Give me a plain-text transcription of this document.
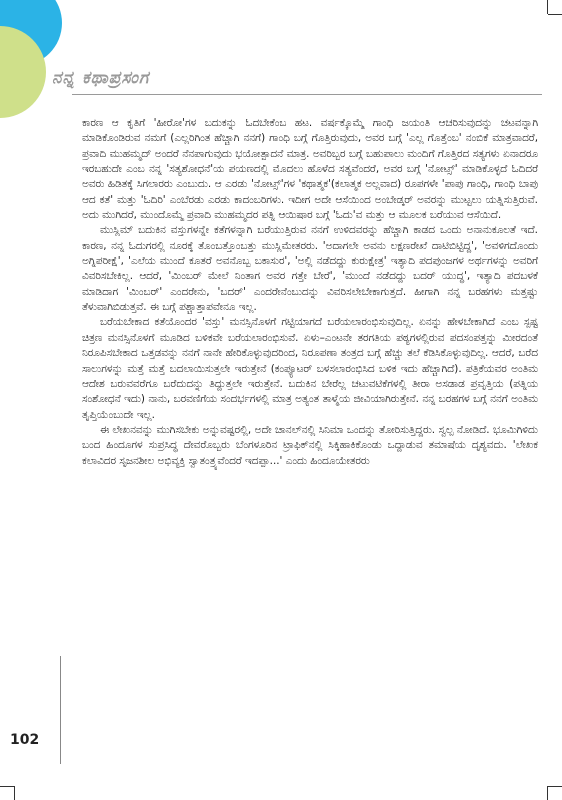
ನನ್ನ ಕಥಾಪ್ರಸಂಗ

ಕಾರಣ ಆ ಕೃತಿಗೆ 'ಹೀರೋ'ಗಳ ಬದುಕನ್ನು ಓದಬೇಕೆಂಬ ಹಟ. ವರ್ಷಕ್ಕೊಮ್ಮೆ ಗಾಂಧಿ ಜಯಂತಿ ಆಚರಿಸುವುದನ್ನು ಚಟವನ್ನಾಗಿ ಮಾಡಿಕೊಂಡಿರುವ ನಮಗೆ (ಎಲ್ಲರಿಗಿಂತ ಹೆಚ್ಚಾಗಿ ನನಗೆ) ಗಾಂಧಿ ಬಗ್ಗೆ ಗೊತ್ತಿರುವುದು, ಅವರ ಬಗ್ಗೆ 'ಎಲ್ಲ ಗೊತ್ತೆಂಬ' ನಂಬಿಕೆ ಮಾತ್ರವಾದರೆ, ಪ್ರವಾದಿ ಮುಹಮ್ಮದ್ ಅಂದರೆ ನೆನಪಾಗುವುದು ಭಯೋತ್ಪಾದನೆ ಮಾತ್ರ. ಅವರಿಬ್ಬರ ಬಗ್ಗೆ ಬಹುಪಾಲು ಮಂದಿಗೆ ಗೊತ್ತಿರದ ಸತ್ಯಗಳು ಏನಾದರೂ ಇರಬಹುದೇ ಎಂಬ ನನ್ನ 'ಸತ್ಯಶೋಧನೆ'ಯ ಪಯಣದಲ್ಲಿ ಮೊದಲು ಹೊಳೆದ ಸತ್ಯವೆಂದರೆ, ಅವರ ಬಗ್ಗೆ 'ನೋಟ್ಸ್' ಮಾಡಿಕೊಳ್ಳದೆ ಓದಿದರೆ ಅವರು ಹಿಡಿತಕ್ಕೆ ಸಿಗಲಾರರು ಎಂಬುದು. ಆ ಎರಡು 'ನೋಟ್ಸ್'ಗಳ 'ಕಥಾತ್ಮಕ'(ಕಲಾತ್ಮಕ ಅಲ್ಲವಾದ) ರೂಪಗಳೇ 'ಪಾಪು ಗಾಂಧಿ, ಗಾಂಧಿ ಬಾಪು ಆದ ಕತೆ' ಮತ್ತು 'ಓದಿರಿ' ಎಂಬೆರಡು ಎರಡು ಕಾದಂಬರಿಗಳು. ಇದೀಗ ಅದೇ ಆಸೆಯಿಂದ ಅಂಬೇಡ್ಕರ್ ಅವರನ್ನು ಮುಟ್ಟಲು ಯತ್ನಿಸುತ್ತಿರುವೆ. ಅದು ಮುಗಿದರೆ, ಮುಂದೊಮ್ಮೆ ಪ್ರವಾದಿ ಮುಹಮ್ಮದರ ಪತ್ನಿ ಆಯಿಷಾರ ಬಗ್ಗೆ 'ಓದು'ವ ಮತ್ತು ಆ ಮೂಲಕ ಬರೆಯುವ ಆಸೆಯಿದೆ.

ಮುಸ್ಲಿಮ್ ಬದುಕಿನ ವಸ್ತುಗಳನ್ನೇ ಕತೆಗಳನ್ನಾಗಿ ಬರೆಯುತ್ತಿರುವ ನನಗೆ ಉಳಿದವರನ್ನು ಹೆಚ್ಚಾಗಿ ಕಾಡದ ಒಂದು ಅನಾನುಕೂಲತೆ ಇದೆ. ಕಾರಣ, ನನ್ನ ಓದುಗರಲ್ಲಿ ನೂರಕ್ಕೆ ತೊಂಬತ್ತೊಂಬತ್ತು ಮುಸ್ಲಿಮೇತರರು. 'ಅದಾಗಲೇ ಅವನು ಲಕ್ಷಣರೇಖೆ ದಾಟಿಬಿಟ್ಟಿದ್ದ', 'ಅವಳಿಗದೊಂದು ಅಗ್ನಿಪರೀಕ್ಷೆ', 'ಎಲೆಯ ಮುಂದೆ ಕೂತರೆ ಅವನೊಬ್ಬ ಬಕಾಸುರ', 'ಅಲ್ಲಿ ನಡೆದದ್ದು ಕುರುಕ್ಷೇತ್ರ' ಇತ್ಯಾದಿ ಪದಪುಂಜಗಳ ಅರ್ಥಗಳನ್ನು ಅವರಿಗೆ ವಿವರಿಸಬೇಕಿಲ್ಲ. ಆದರೆ, 'ಮಿಂಬರ್ ಮೇಲೆ ನಿಂತಾಗ ಅವರ ಗತ್ತೇ ಬೇರೆ', 'ಮುಂದೆ ನಡೆದದ್ದು ಬದರ್ ಯುದ್ಧ', ಇತ್ಯಾದಿ ಪದಬಳಕೆ ಮಾಡಿದಾಗ 'ಮಿಂಬರ್' ಎಂದರೇನು, 'ಬದರ್' ಎಂದರೇನೆಂಬುದನ್ನು ವಿವರಿಸಲೇಬೇಕಾಗುತ್ತದೆ. ಹೀಗಾಗಿ ನನ್ನ ಬರಹಗಳು ಮತ್ತಷ್ಟು ತೆಳುವಾಗಿಬಿಡುತ್ತವೆ. ಈ ಬಗ್ಗೆ ಪಶ್ಚಾತ್ತಾಪವೇನೂ ಇಲ್ಲ.

ಬರೆಯಬೇಕಾದ ಕತೆಯೊಂದರ 'ವಸ್ತು' ಮನಸ್ಸಿನೊಳಗೆ ಗಟ್ಟಿಯಾಗದೆ ಬರೆಯಲಾರಂಭಿಸುವುದಿಲ್ಲ. ಏನನ್ನು ಹೇಳಬೇಕಾಗಿದೆ ಎಂಬ ಸ್ಪಷ್ಟ ಚಿತ್ರಣ ಮನಸ್ಸಿನೊಳಗೆ ಮೂಡಿದ ಬಳಿಕವೇ ಬರೆಯಲಾರಂಭಿಸುವೆ. ಏಳು–ಎಂಟನೇ ತರಗತಿಯ ಪಠ್ಯಗಳಲ್ಲಿರುವ ಪದಸಂಪತ್ತನ್ನು ಮೀರದಂತೆ ನಿರೂಪಿಸಬೇಕಾದ ಒತ್ತಡವನ್ನು ನನಗೆ ನಾನೇ ಹೇರಿಕೊಳ್ಳುವುದರಿಂದ, ನಿರೂಪಣಾ ತಂತ್ರದ ಬಗ್ಗೆ ಹೆಚ್ಚು ತಲೆ ಕೆಡಿಸಿಕೊಳ್ಳುವುದಿಲ್ಲ. ಆದರೆ, ಬರೆದ ಸಾಲುಗಳನ್ನು ಮತ್ತೆ ಮತ್ತೆ ಬದಲಾಯಿಸುತ್ತಲೇ ಇರುತ್ತೇನೆ (ಕಂಪ್ಯೂಟರ್ ಬಳಸಲಾರಂಭಿಸಿದ ಬಳಿಕ ಇದು ಹೆಚ್ಚಾಗಿದೆ). ಪತ್ರಿಕೆಯವರ ಅಂತಿಮ ಆದೇಶ ಬರುವವರೆಗೂ ಬರೆದುದನ್ನು ತಿದ್ದುತ್ತಲೇ ಇರುತ್ತೇನೆ. ಬದುಕಿನ ಬೇರೆಲ್ಲ ಚಟುವಟಿಕೆಗಳಲ್ಲಿ ತೀರಾ ಅಸಡಾಡ ಪ್ರವೃತ್ತಿಯ (ಪತ್ನಿಯ ಸಂಶೋಧನೆ ಇದು) ನಾನು, ಬರವಣಿಗೆಯ ಸಂದರ್ಭಗಳಲ್ಲಿ ಮಾತ್ರ ಅತ್ಯಂತ ತಾಳ್ಮೆಯ ಜೀವಿಯಾಗಿರುತ್ತೇನೆ. ನನ್ನ ಬರಹಗಳ ಬಗ್ಗೆ ನನಗೆ ಅಂತಿಮ ತೃಪ್ತಿಯೆಂಬುದೇ ಇಲ್ಲ.

ಈ ಲೇಖನವನ್ನು ಮುಗಿಸಬೇಕು ಅನ್ನುವಷ್ಟರಲ್ಲಿ, ಅದೇ ಚಾನಲ್‌ನಲ್ಲಿ ಸಿನಿಮಾ ಒಂದನ್ನು ತೋರಿಸುತ್ತಿದ್ದರು. ಸ್ವಲ್ಪ ನೋಡಿದೆ. ಭೂಮಿಗಿಳಿದು ಬಂದ ಹಿಂದೂಗಳ ಸುಪ್ರಸಿದ್ಧ ದೇವರೊಬ್ಬರು ಬೆಂಗಳೂರಿನ ಟ್ರಾಫಿಕ್‌ನಲ್ಲಿ ಸಿಕ್ಕಿಹಾಕಿಕೊಂಡು ಒದ್ದಾಡುವ ತಮಾಷೆಯ ದೃಶ್ಯವದು. 'ಲೇಖಕ ಕಲಾವಿದರ ಸೃಜನಶೀಲ ಅಭಿವ್ಯಕ್ತಿ ಸ್ವಾತಂತ್ರ್ಯವೆಂದರೆ ಇದಪ್ಪಾ...' ಎಂದು ಹಿಂದೂಯೇತರರು

102
